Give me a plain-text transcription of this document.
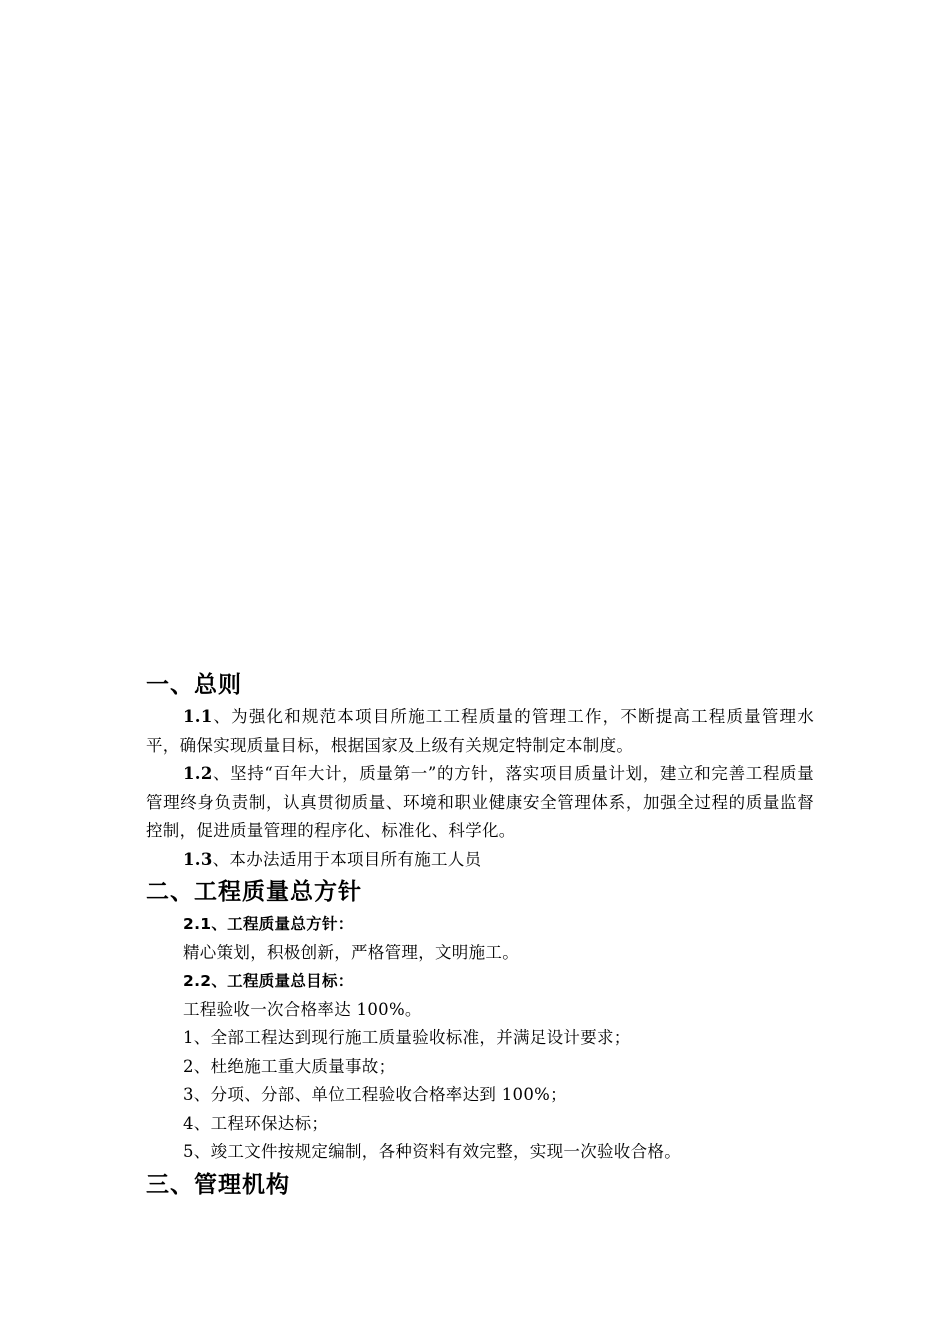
一、总则
1.1、为强化和规范本项目所施工工程质量的管理工作，不断提高工程质量管理水平，确保实现质量目标，根据国家及上级有关规定特制定本制度。
1.2、坚持“百年大计，质量第一”的方针，落实项目质量计划，建立和完善工程质量管理终身负责制，认真贯彻质量、环境和职业健康安全管理体系，加强全过程的质量监督控制，促进质量管理的程序化、标准化、科学化。
1.3、本办法适用于本项目所有施工人员
二、工程质量总方针
2.1、工程质量总方针：
精心策划，积极创新，严格管理，文明施工。
2.2、工程质量总目标：
工程验收一次合格率达 100%。
1、全部工程达到现行施工质量验收标准，并满足设计要求；
2、杜绝施工重大质量事故；
3、分项、分部、单位工程验收合格率达到 100%；
4、工程环保达标；
5、竣工文件按规定编制，各种资料有效完整，实现一次验收合格。
三、管理机构
